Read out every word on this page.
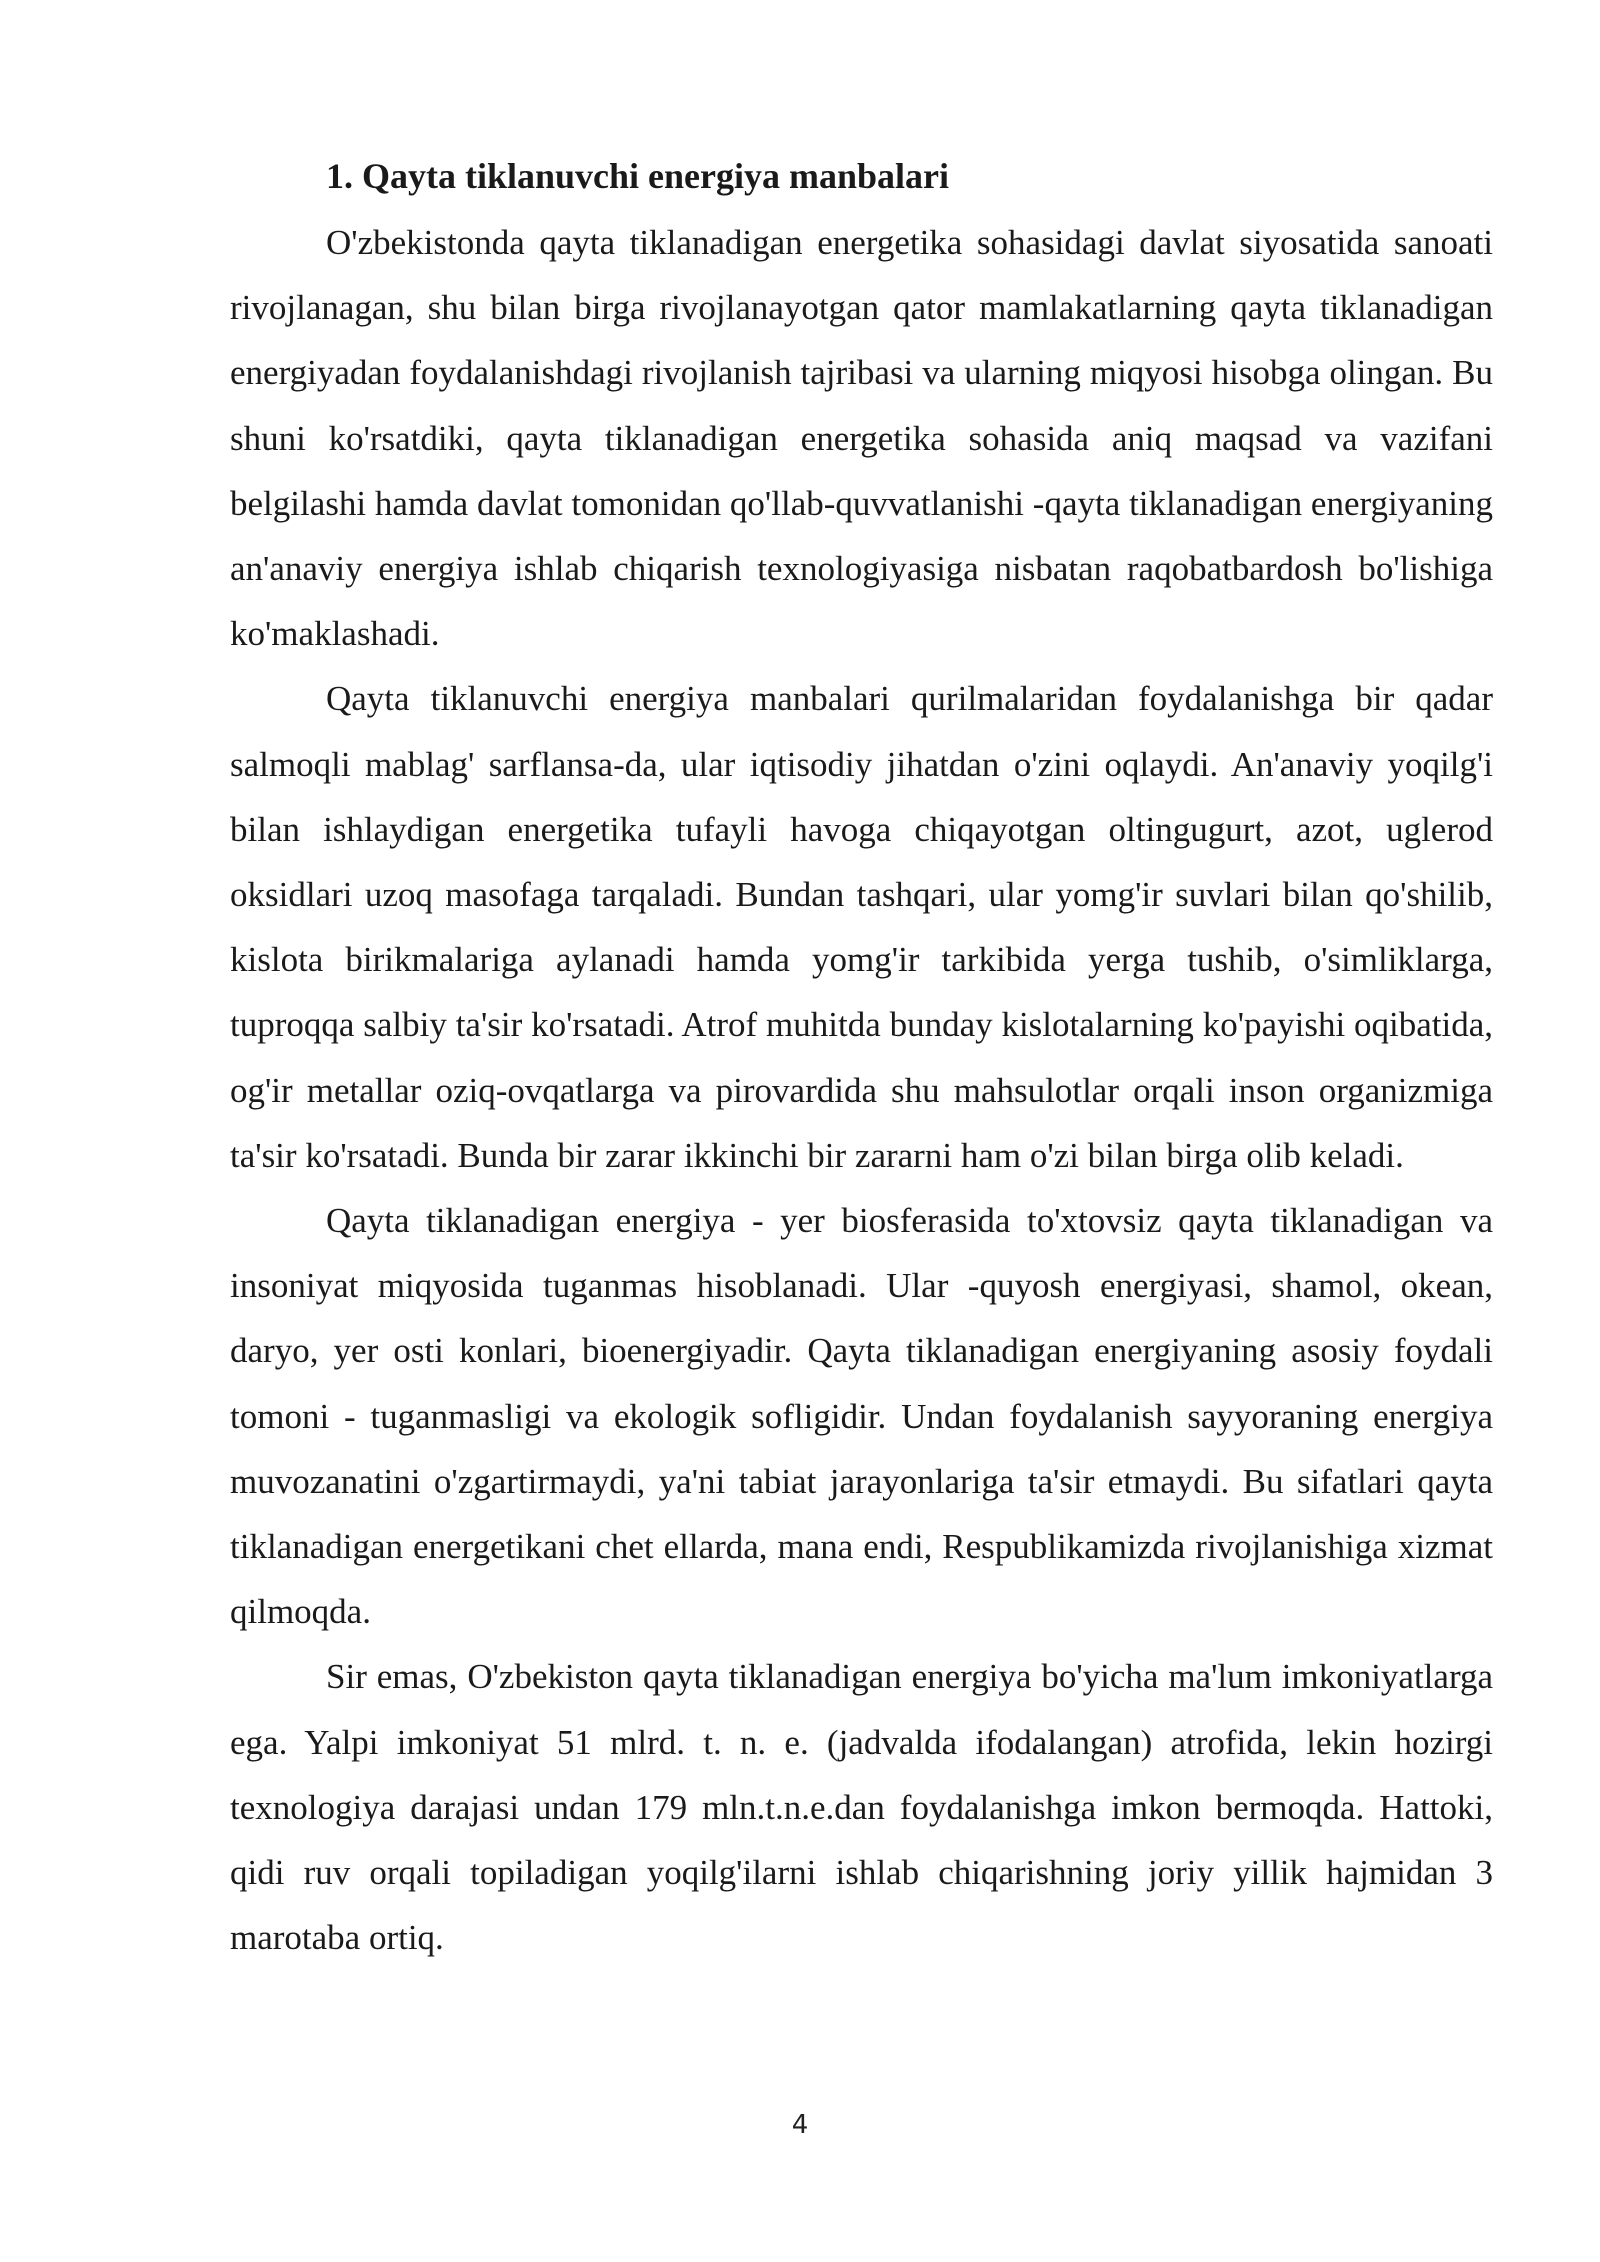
1. Qayta tiklanuvchi energiya manbalari

O'zbekistonda qayta tiklanadigan energetika sohasidagi davlat siyosatida sanoati rivojlanagan, shu bilan birga rivojlanayotgan qator mamlakatlarning qayta tiklanadigan energiyadan foydalanishdagi rivojlanish tajribasi va ularning miqyosi hisobga olingan. Bu shuni ko'rsatdiki, qayta tiklanadigan energetika sohasida aniq maqsad va vazifani belgilashi hamda davlat tomonidan qo'llab-quvvatlanishi -qayta tiklanadigan energiyaning an'anaviy energiya ishlab chiqarish texnologiyasiga nisbatan raqobatbardosh bo'lishiga ko'maklashadi.

Qayta tiklanuvchi energiya manbalari qurilmalaridan foydalanishga bir qadar salmoqli mablag' sarflansa-da, ular iqtisodiy jihatdan o'zini oqlaydi. An'anaviy yoqilg'i bilan ishlaydigan energetika tufayli havoga chiqayotgan oltingugurt, azot, uglerod oksidlari uzoq masofaga tarqaladi. Bundan tashqari, ular yomg'ir suvlari bilan qo'shilib, kislota birikmalariga aylanadi hamda yomg'ir tarkibida yerga tushib, o'simliklarga, tuproqqa salbiy ta'sir ko'rsatadi. Atrof muhitda bunday kislotalarning ko'payishi oqibatida, og'ir metallar oziq-ovqatlarga va pirovardida shu mahsulotlar orqali inson organizmiga ta'sir ko'rsatadi. Bunda bir zarar ikkinchi bir zararni ham o'zi bilan birga olib keladi.

Qayta tiklanadigan energiya - yer biosferasida to'xtovsiz qayta tiklanadigan va insoniyat miqyosida tuganmas hisoblanadi. Ular -quyosh energiyasi, shamol, okean, daryo, yer osti konlari, bioenergiyadir. Qayta tiklanadigan energiyaning asosiy foydali tomoni - tuganmasligi va ekologik sofligidir. Undan foydalanish sayyoraning energiya muvozanatini o'zgartirmaydi, ya'ni tabiat jarayonlariga ta'sir etmaydi. Bu sifatlari qayta tiklanadigan energetikani chet ellarda, mana endi, Respublikamizda rivojlanishiga xizmat qilmoqda.

Sir emas, O'zbekiston qayta tiklanadigan energiya bo'yicha ma'lum imkoniyatlarga ega. Yalpi imkoniyat 51 mlrd. t. n. e. (jadvalda ifodalangan) atrofida, lekin hozirgi texnologiya darajasi undan 179 mln.t.n.e.dan foydalanishga imkon bermoqda. Hattoki, qidi ruv orqali topiladigan yoqilg'ilarni ishlab chiqarishning joriy yillik hajmidan 3 marotaba ortiq.

4
